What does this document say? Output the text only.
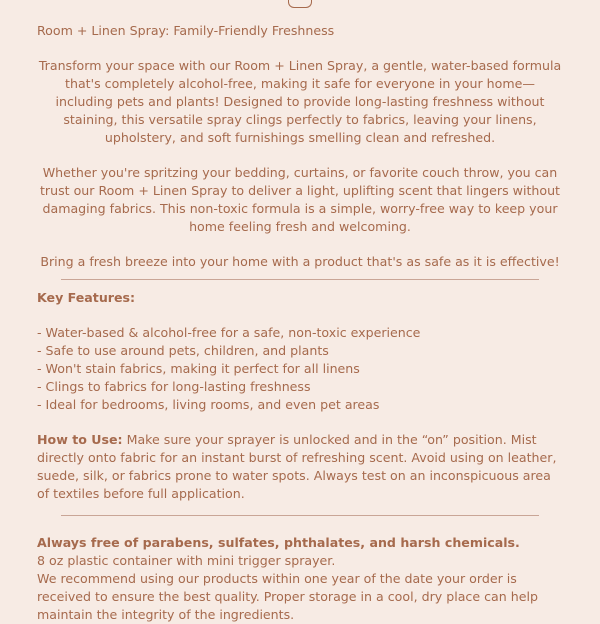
Room + Linen Spray: Family-Friendly Freshness

Transform your space with our Room + Linen Spray, a gentle, water-based formula that's completely alcohol-free, making it safe for everyone in your home—including pets and plants! Designed to provide long-lasting freshness without staining, this versatile spray clings perfectly to fabrics, leaving your linens, upholstery, and soft furnishings smelling clean and refreshed.

Whether you're spritzing your bedding, curtains, or favorite couch throw, you can trust our Room + Linen Spray to deliver a light, uplifting scent that lingers without damaging fabrics. This non-toxic formula is a simple, worry-free way to keep your home feeling fresh and welcoming.

Bring a fresh breeze into your home with a product that's as safe as it is effective!

Key Features:
- Water-based & alcohol-free for a safe, non-toxic experience
- Safe to use around pets, children, and plants
- Won't stain fabrics, making it perfect for all linens
- Clings to fabrics for long-lasting freshness
- Ideal for bedrooms, living rooms, and even pet areas

How to Use: Make sure your sprayer is unlocked and in the “on” position. Mist directly onto fabric for an instant burst of refreshing scent. Avoid using on leather, suede, silk, or fabrics prone to water spots. Always test on an inconspicuous area of textiles before full application.

Always free of parabens, sulfates, phthalates, and harsh chemicals.

8 oz plastic container with mini trigger sprayer.

We recommend using our products within one year of the date your order is received to ensure the best quality. Proper storage in a cool, dry place can help maintain the integrity of the ingredients.
